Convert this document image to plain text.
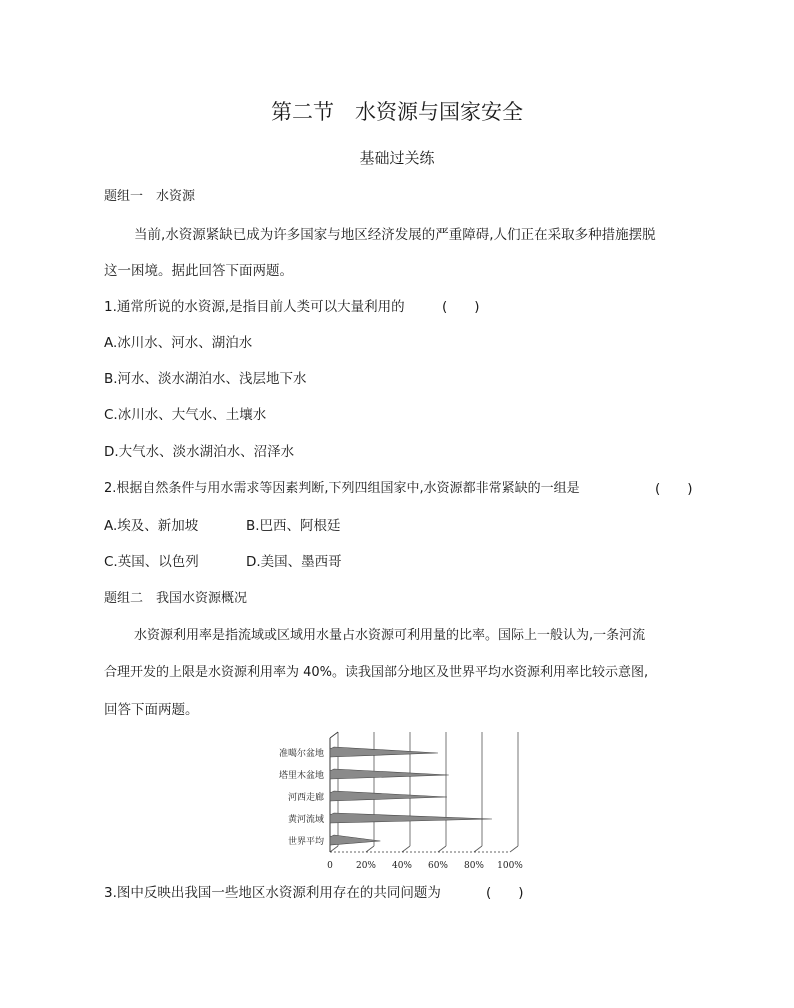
第二节　水资源与国家安全
基础过关练
题组一　水资源
当前,水资源紧缺已成为许多国家与地区经济发展的严重障碍,人们正在采取多种措施摆脱
这一困境。据此回答下面两题。
1.通常所说的水资源,是指目前人类可以大量利用的	(　　)
A.冰川水、河水、湖泊水
B.河水、淡水湖泊水、浅层地下水
C.冰川水、大气水、土壤水
D.大气水、淡水湖泊水、沼泽水
2.根据自然条件与用水需求等因素判断,下列四组国家中,水资源都非常紧缺的一组是	(　　)
A.埃及、新加坡	B.巴西、阿根廷
C.英国、以色列	D.美国、墨西哥
题组二　我国水资源概况
水资源利用率是指流域或区域用水量占水资源可利用量的比率。国际上一般认为,一条河流
合理开发的上限是水资源利用率为 40%。读我国部分地区及世界平均水资源利用率比较示意图,
回答下面两题。
准噶尔盆地
塔里木盆地
河西走廊
黄河流域
世界平均
0	20% 40% 60% 80% 100%
3.图中反映出我国一些地区水资源利用存在的共同问题为	(　　)
